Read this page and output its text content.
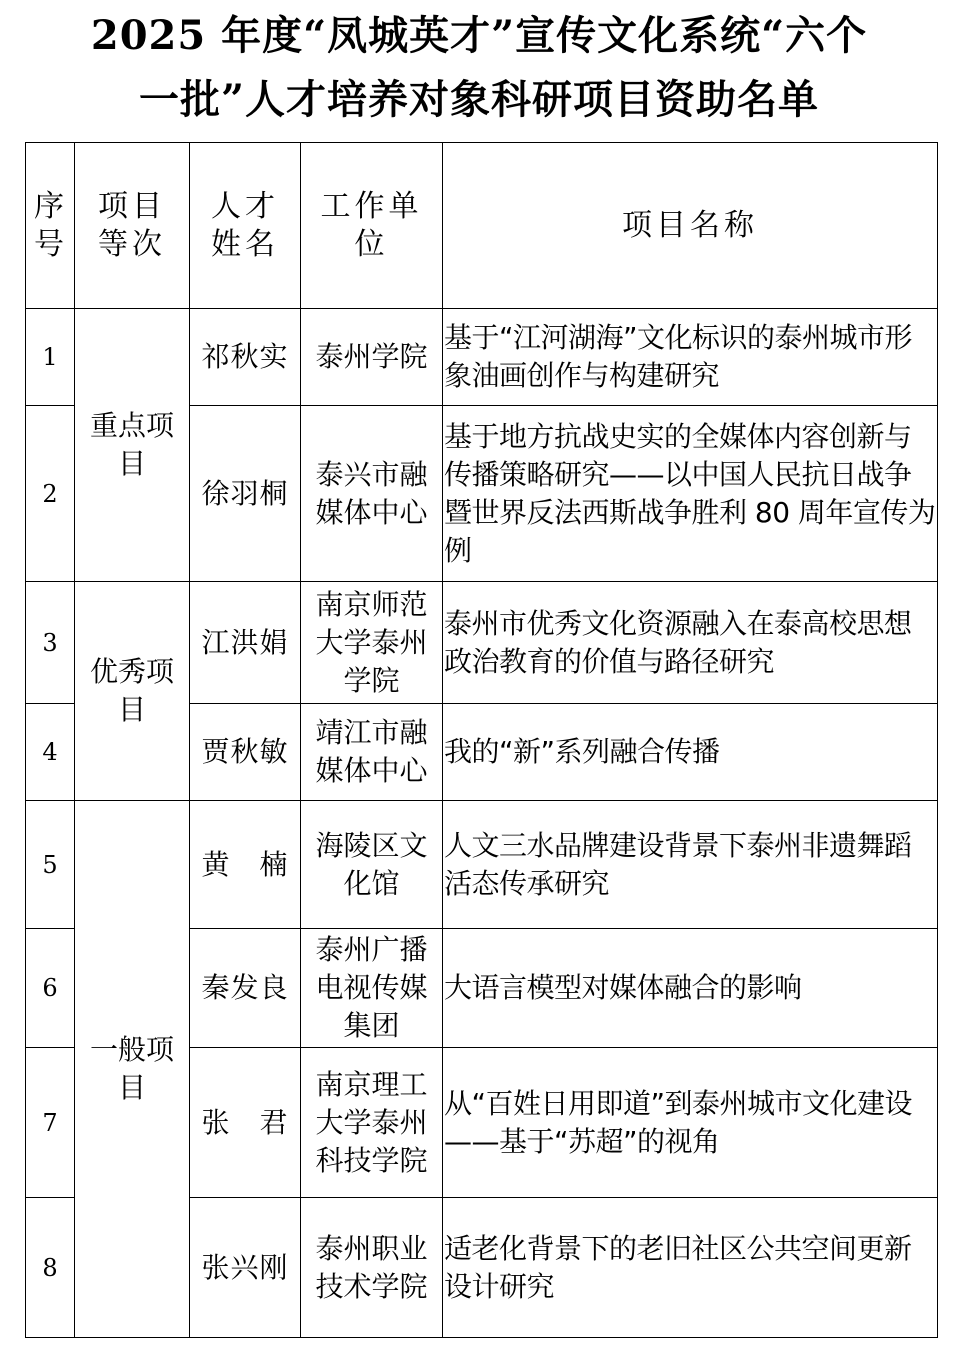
2025 年度“凤城英才”宣传文化系统“六个
一批”人才培养对象科研项目资助名单
序号	项目等次	人才姓名	工作单位	项目名称
1	重点项目	祁秋实	泰州学院	基于“江河湖海”文化标识的泰州城市形象油画创作与构建研究
2		徐羽桐	泰兴市融媒体中心	基于地方抗战史实的全媒体内容创新与传播策略研究——以中国人民抗日战争暨世界反法西斯战争胜利 80 周年宣传为例
3	优秀项目	江洪娟	南京师范大学泰州学院	泰州市优秀文化资源融入在泰高校思想政治教育的价值与路径研究
4		贾秋敏	靖江市融媒体中心	我的“新”系列融合传播
5	一般项目	黄　楠	海陵区文化馆	人文三水品牌建设背景下泰州非遗舞蹈活态传承研究
6		秦发良	泰州广播电视传媒集团	大语言模型对媒体融合的影响
7		张　君	南京理工大学泰州科技学院	从“百姓日用即道”到泰州城市文化建设——基于“苏超”的视角
8		张兴刚	泰州职业技术学院	适老化背景下的老旧社区公共空间更新设计研究
